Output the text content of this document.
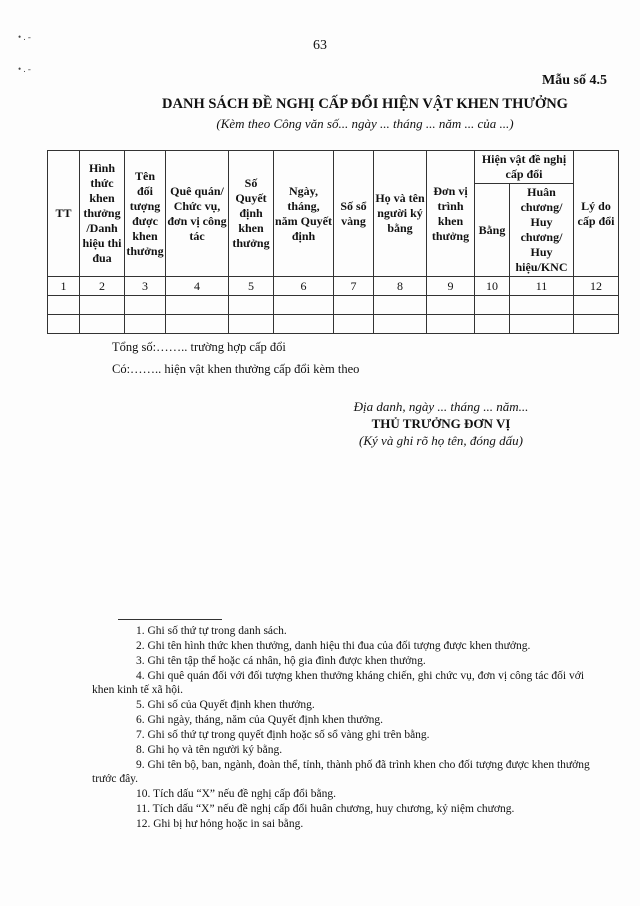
• . -
• . -
63
Mẫu số 4.5
DANH SÁCH ĐỀ NGHỊ CẤP ĐỔI HIỆN VẬT KHEN THƯỞNG
(Kèm theo Công văn số... ngày ... tháng ... năm ... của ...)
TT	Hình thức khen thưởng /Danh hiệu thi đua	Tên đối tượng được khen thưởng	Quê quán/ Chức vụ, đơn vị công tác	Số Quyết định khen thưởng	Ngày, tháng, năm Quyết định	Số sổ vàng	Họ và tên người ký bằng	Đơn vị trình khen thưởng	Hiện vật đề nghị cấp đổi		Lý do cấp đổi
									Bằng	Huân chương/ Huy chương/ Huy hiệu/KNC	
1	2	3	4	5	6	7	8	9	10	11	12

Tổng số:…….. trường hợp cấp đổi
Có:…….. hiện vật khen thưởng cấp đổi kèm theo
Địa danh, ngày ... tháng ... năm...
THỦ TRƯỞNG ĐƠN VỊ
(Ký và ghi rõ họ tên, đóng dấu)

1. Ghi số thứ tự trong danh sách.

2. Ghi tên hình thức khen thưởng, danh hiệu thi đua của đối tượng được khen thưởng.

3. Ghi tên tập thể hoặc cá nhân, hộ gia đình được khen thưởng.

4. Ghi quê quán đối với đối tượng khen thưởng kháng chiến, ghi chức vụ, đơn vị công tác đối với khen kinh tế xã hội.

5. Ghi số của Quyết định khen thưởng.

6. Ghi ngày, tháng, năm của Quyết định khen thưởng.

7. Ghi số thứ tự trong quyết định hoặc số sổ vàng ghi trên bằng.

8. Ghi họ và tên người ký bằng.

9. Ghi tên bộ, ban, ngành, đoàn thể, tỉnh, thành phố đã trình khen cho đối tượng được khen thưởng trước đây.

10. Tích dấu “X” nếu đề nghị cấp đổi bằng.

11. Tích dấu “X” nếu đề nghị cấp đổi huân chương, huy chương, kỷ niệm chương.

12. Ghi bị hư hỏng hoặc in sai bằng.
